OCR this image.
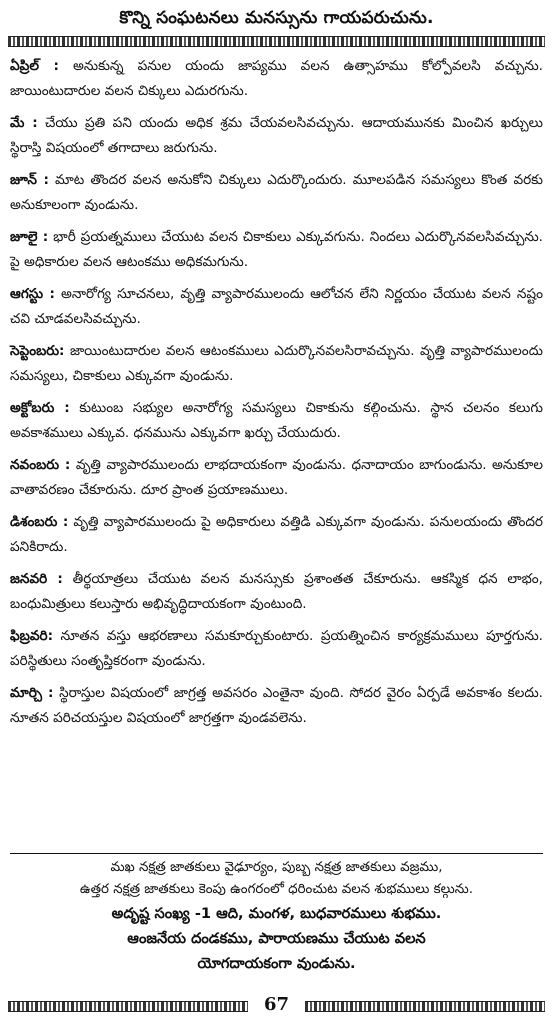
కొన్ని సంఘటనలు మనస్సును గాయపరుచును.
ఏప్రిల్ : అనుకున్న పనుల యందు జాప్యము వలన ఉత్సాహము కోల్పోవలసి వచ్చును. జాయింటుదారుల వలన చిక్కులు ఎదురగును.
మే : చేయు ప్రతి పని యందు అధిక శ్రమ చేయవలసివచ్చును. ఆదాయమునకు మించిన ఖర్చులు స్థిరాస్తి విషయంలో తగాదాలు జరుగును.
జూన్ : మాట తొందర వలన అనుకోని చిక్కులు ఎదుర్కొందురు. మూలపడిన సమస్యలు కొంత వరకు అనుకూలంగా వుండును.
జూలై : భారీ ప్రయత్నములు చేయుట వలన చికాకులు ఎక్కువగును. నిందలు ఎదుర్కొనవలసివచ్చును. పై అధికారుల వలన ఆటంకము అధికమగును.
ఆగస్టు : అనారోగ్య సూచనలు, వృత్తి వ్యాపారములందు ఆలోచన లేని నిర్ణయం చేయుట వలన నష్టం చవి చూడవలసివచ్చును.
సెప్టెంబరు: జాయింటుదారుల వలన ఆటంకములు ఎదుర్కొనవలసిరావచ్చును. వృత్తి వ్యాపారములందు సమస్యలు, చికాకులు ఎక్కువగా వుండును.
అక్టోబరు : కుటుంబ సభ్యుల అనారోగ్య సమస్యలు చికాకును కల్గించును. స్థాన చలనం కలుగు అవకాశములు ఎక్కువ. ధనమును ఎక్కువగా ఖర్చు చేయుదురు.
నవంబరు : వృత్తి వ్యాపారములందు లాభదాయకంగా వుండును. ధనాదాయం బాగుండును. అనుకూల వాతావరణం చేకూరును. దూర ప్రాంత ప్రయాణములు.
డిశంబరు : వృత్తి వ్యాపారములందు పై అధికారులు వత్తిడి ఎక్కువగా వుండును. పనులయందు తొందర పనికిరాదు.
జనవరి : తీర్థయాత్రలు చేయుట వలన మనస్సుకు ప్రశాంతత చేకూరును. ఆకస్మిక ధన లాభం, బంధుమిత్రులు కలుస్తారు అభివృద్ధిదాయకంగా వుంటుంది.
ఫిబ్రవరి: నూతన వస్తు ఆభరణాలు సమకూర్చుకుంటారు. ప్రయత్నించిన కార్యక్రమములు పూర్తగును. పరిస్థితులు సంతృప్తికరంగా వుండును.
మార్చి : స్థిరాస్తుల విషయంలో జాగ్రత్త అవసరం ఎంతైనా వుంది. సోదర వైరం ఏర్పడే అవకాశం కలదు. నూతన పరిచయస్తుల విషయంలో జాగ్రత్తగా వుండవలెను.
మఖ నక్షత్ర జాతకులు వైఢూర్యం, పుబ్బ నక్షత్ర జాతకులు వజ్రము,
ఉత్తర నక్షత్ర జాతకులు కెంపు ఉంగరంలో ధరించుట వలన శుభములు కల్గును.
అదృష్ట సంఖ్య -1 ఆది, మంగళ, బుధవారములు శుభము.
ఆంజనేయ దండకము, పారాయణము చేయుట వలన
యోగదాయకంగా వుండును.
67
